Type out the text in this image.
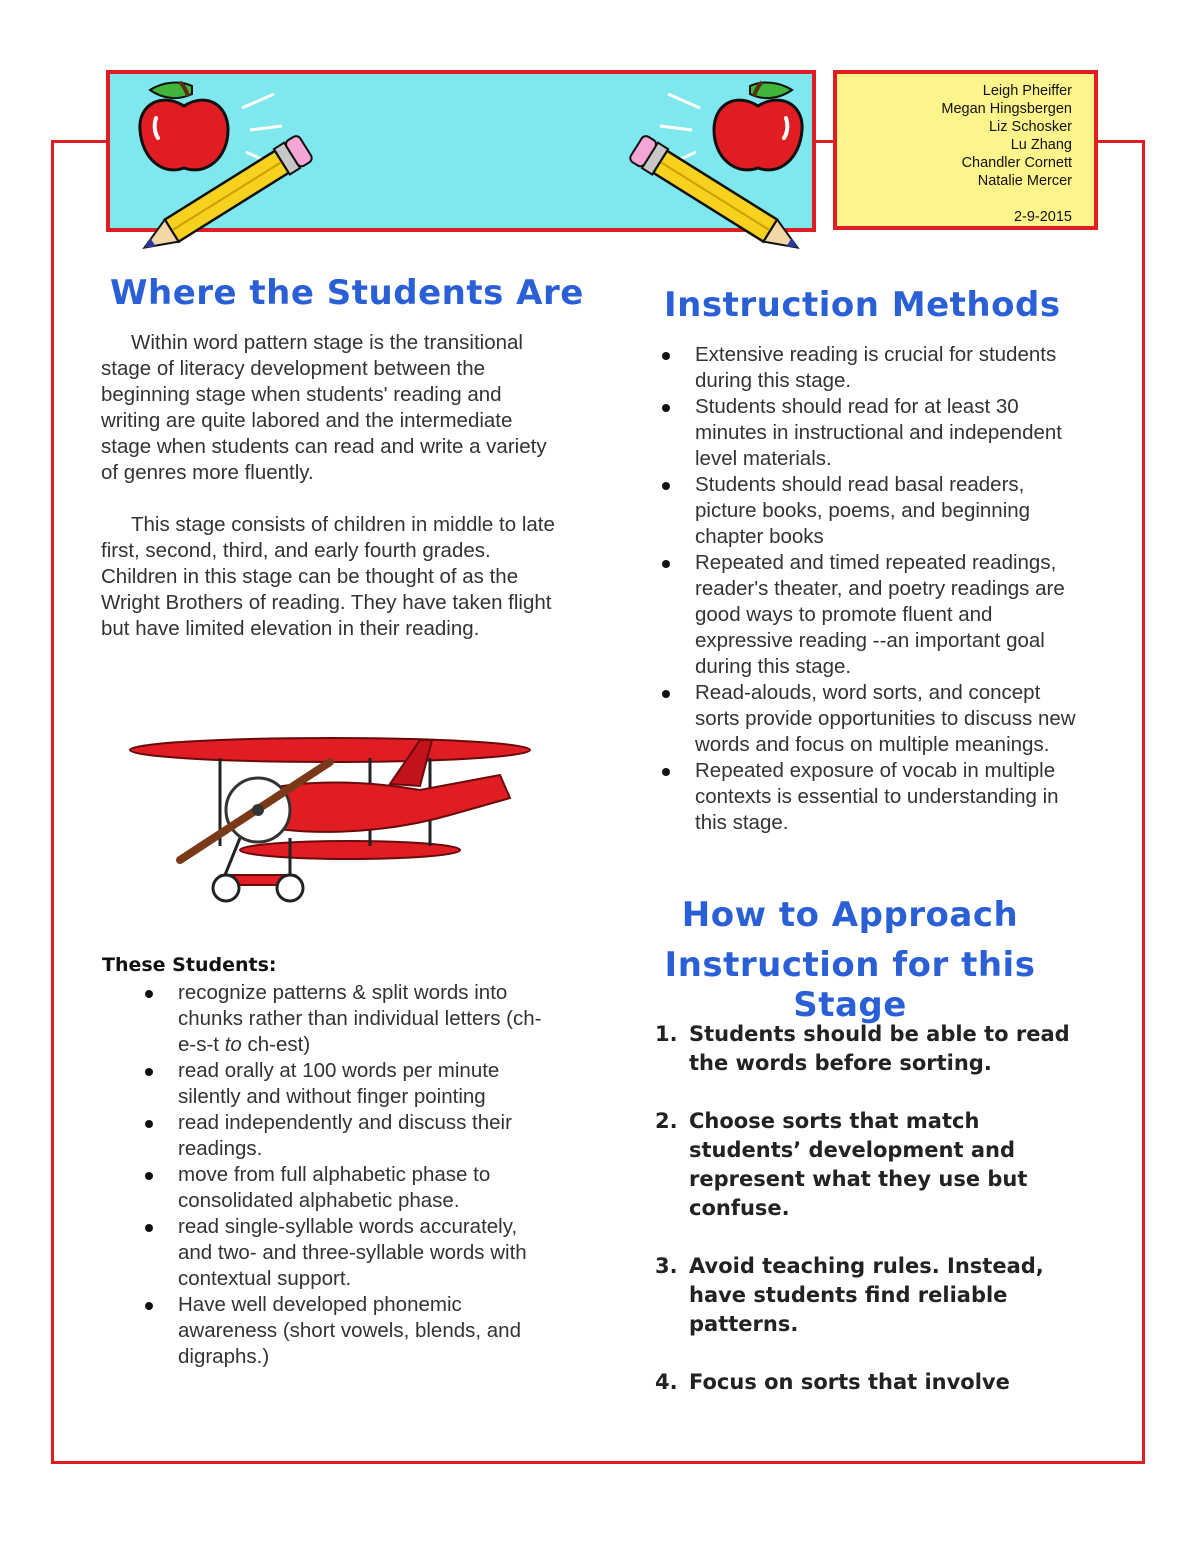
Leigh Pheiffer
Megan Hingsbergen
Liz Schosker
Lu Zhang
Chandler Cornett
Natalie Mercer
2-9-2015
Where the Students Are

Within word pattern stage is the transitional stage of literacy development between the beginning stage when students' reading and writing are quite labored and the intermediate stage when students can read and write a variety of genres more fluently.

This stage consists of children in middle to late first, second, third, and early fourth grades. Children in this stage can be thought of as the Wright Brothers of reading. They have taken flight but have limited elevation in their reading.

These Students:
recognize patterns & split words into chunks rather than individual letters (ch-e-s-t to ch-est)
read orally at 100 words per minute silently and without finger pointing
read independently and discuss their readings.
move from full alphabetic phase to consolidated alphabetic phase.
read single-syllable words accurately, and two- and three-syllable words with contextual support.
Have well developed phonemic awareness (short vowels, blends, and digraphs.)
Instruction Methods
Extensive reading is crucial for students during this stage.
Students should read for at least 30 minutes in instructional and independent level materials.
Students should read basal readers, picture books, poems, and beginning chapter books
Repeated and timed repeated readings, reader's theater, and poetry readings are good ways to promote fluent and expressive reading --an important goal during this stage.
Read-alouds, word sorts, and concept sorts provide opportunities to discuss new words and focus on multiple meanings.
Repeated exposure of vocab in multiple contexts is essential to understanding in this stage.
How to Approach
Instruction for this Stage
1. Students should be able to read the words before sorting.
2. Choose sorts that match students’ development and represent what they use but confuse.
3. Avoid teaching rules. Instead, have students find reliable patterns.
4. Focus on sorts that involve
